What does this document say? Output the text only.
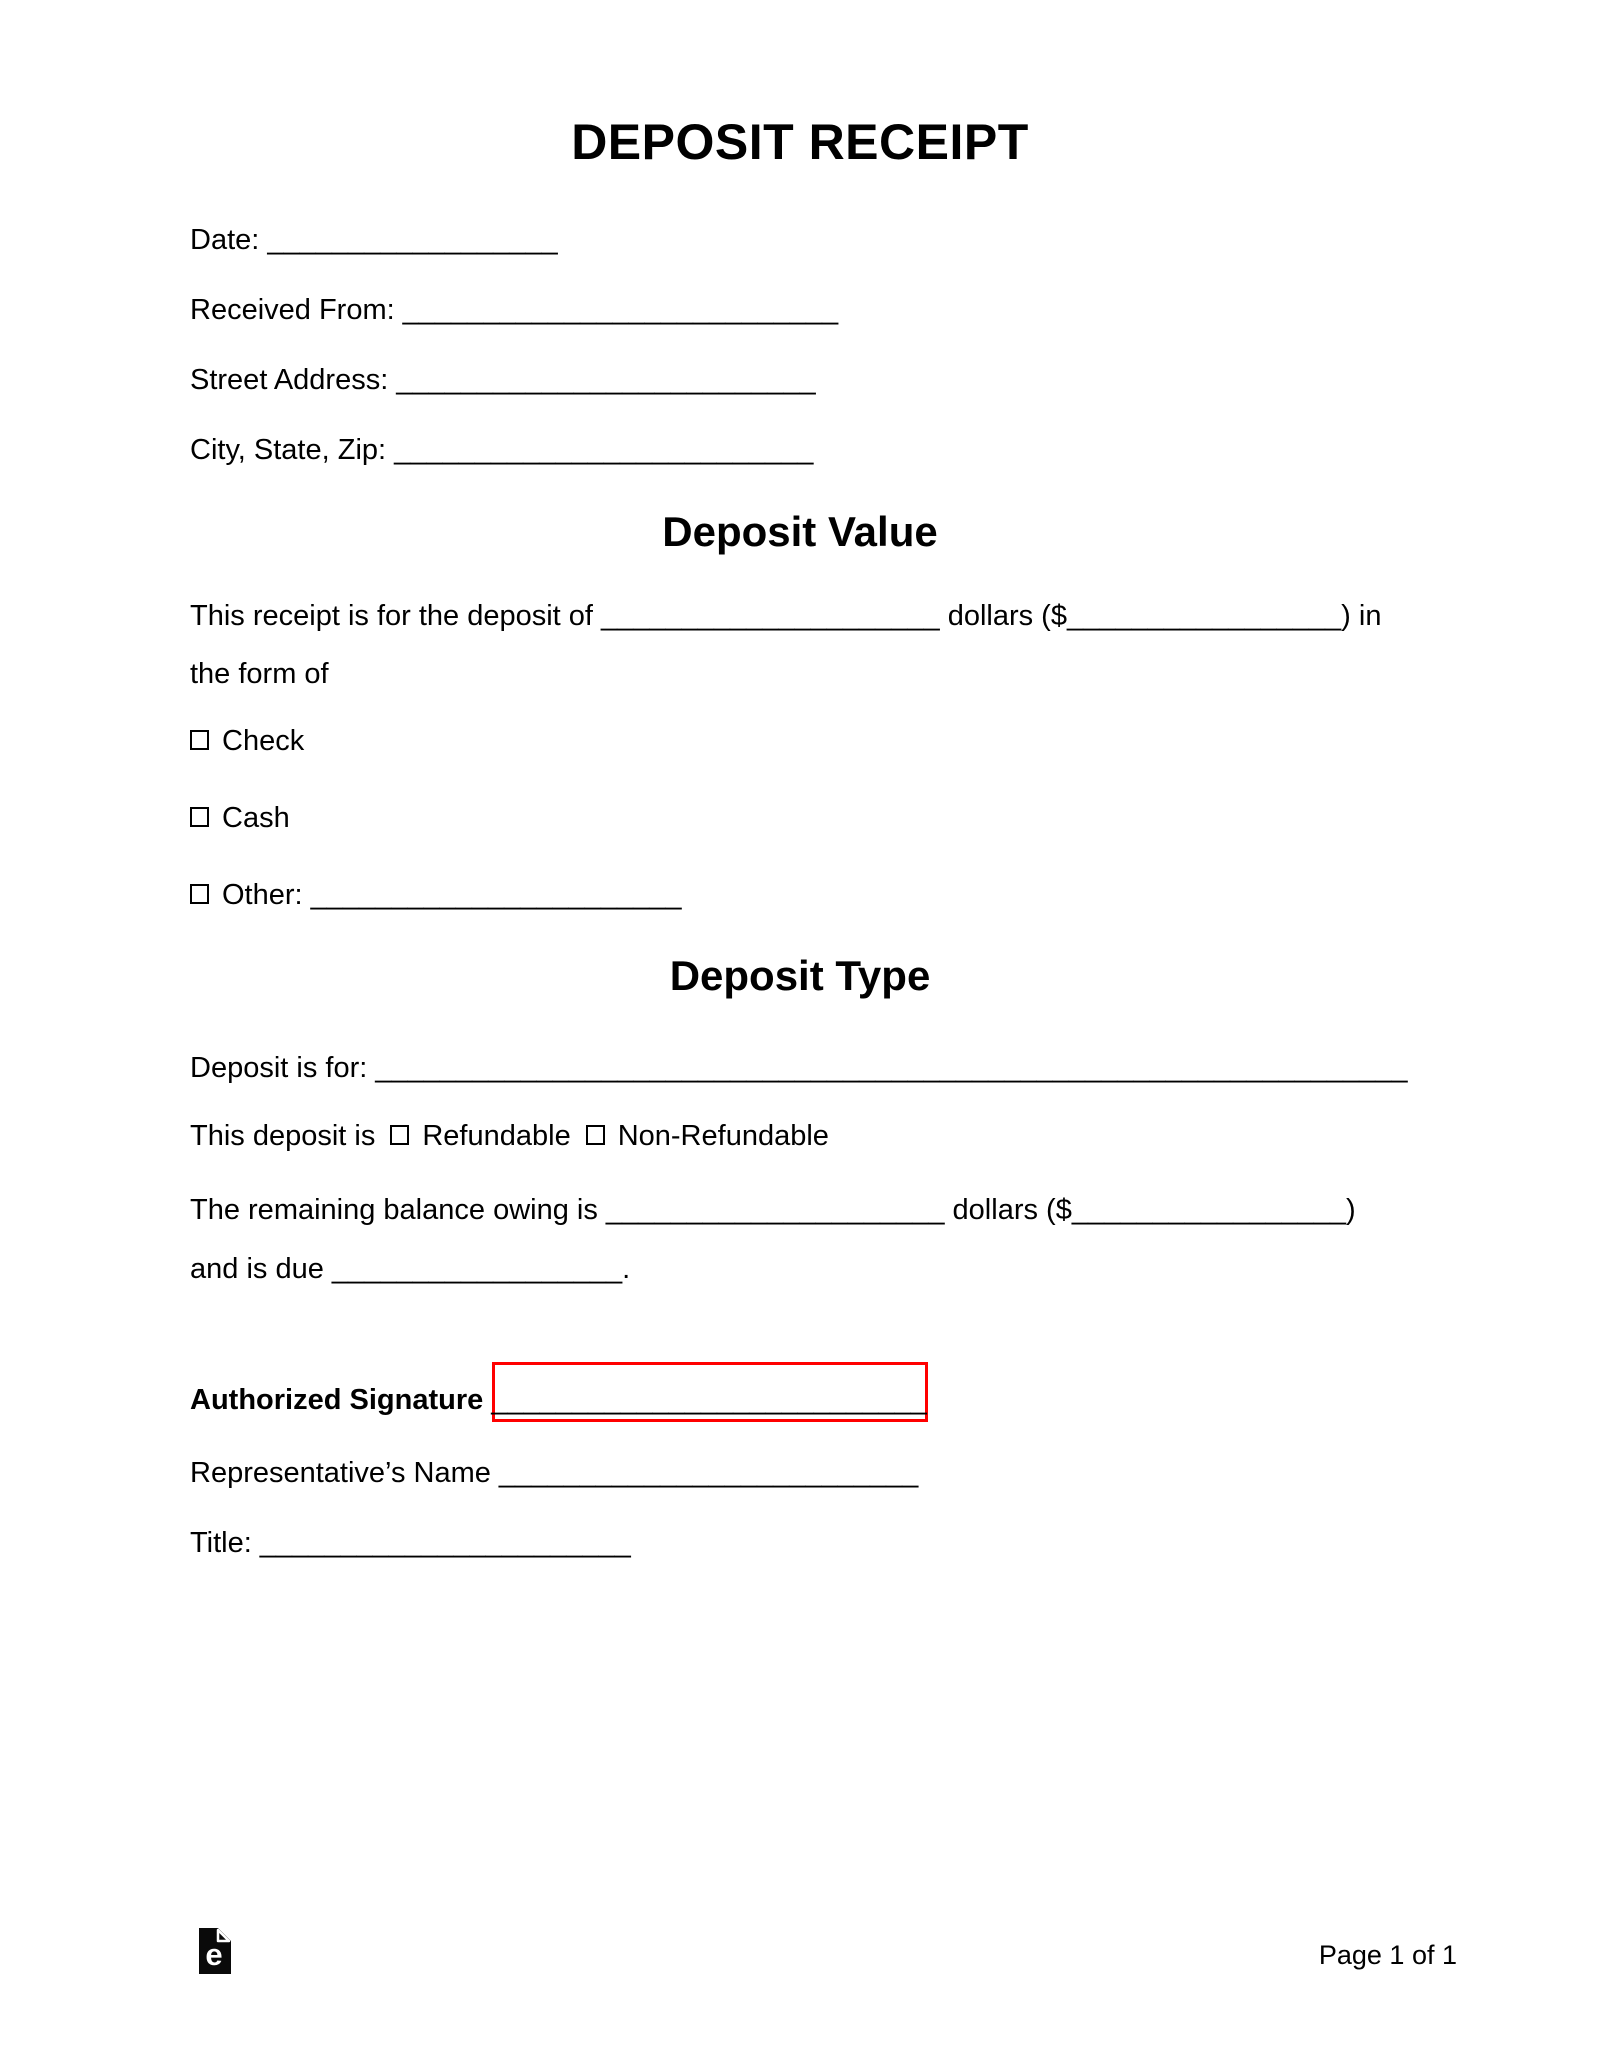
DEPOSIT RECEIPT
Date: __________________
Received From: ___________________________
Street Address: __________________________
City, State, Zip: __________________________
Deposit Value
This receipt is for the deposit of _____________________ dollars ($_________________) in
the form of
Check
Cash
Other: _______________________
Deposit Type
Deposit is for: ________________________________________________________________
This deposit is Refundable Non-Refundable
The remaining balance owing is _____________________ dollars ($_________________)
and is due __________________.
Authorized Signature ___________________________
Representative’s Name __________________________
Title: _______________________
e	Page 1 of 1
